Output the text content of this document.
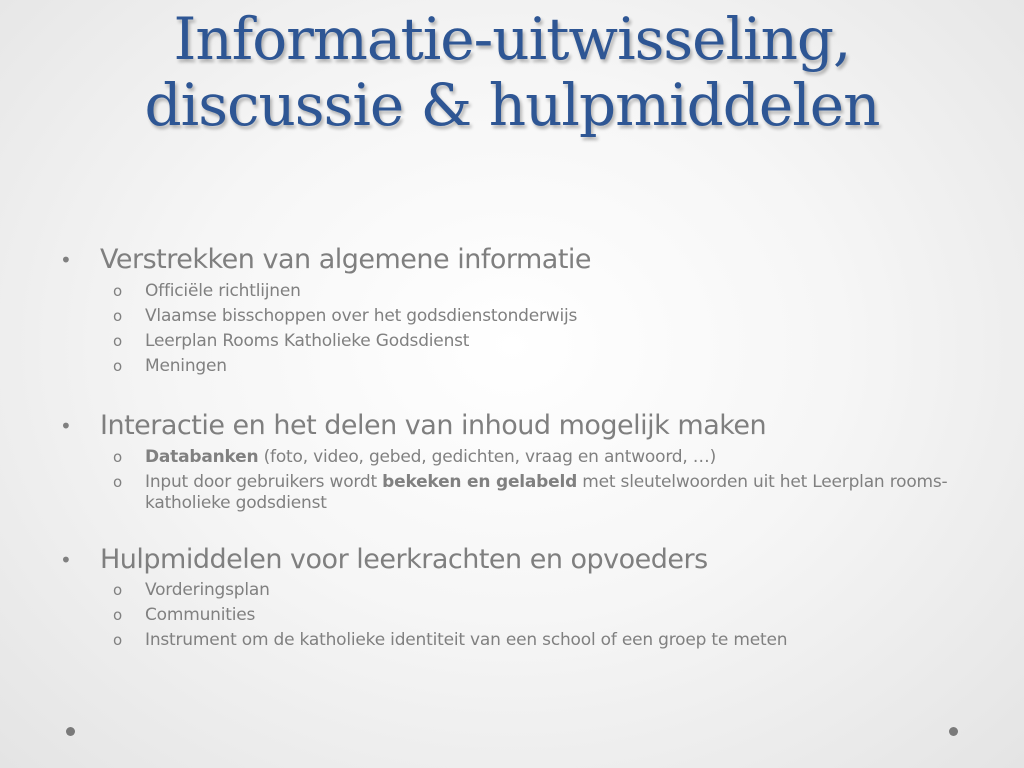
Informatie-uitwisseling,
discussie & hulpmiddelen
• Verstrekken van algemene informatie
o Officiële richtlijnen
o Vlaamse bisschoppen over het godsdienstonderwijs
o Leerplan Rooms Katholieke Godsdienst
o Meningen
• Interactie en het delen van inhoud mogelijk maken
o Databanken (foto, video, gebed, gedichten, vraag en antwoord, …)
o Input door gebruikers wordt bekeken en gelabeld met sleutelwoorden uit het Leerplan rooms-katholieke godsdienst
• Hulpmiddelen voor leerkrachten en opvoeders
o Vorderingsplan
o Communities
o Instrument om de katholieke identiteit van een school of een groep te meten
